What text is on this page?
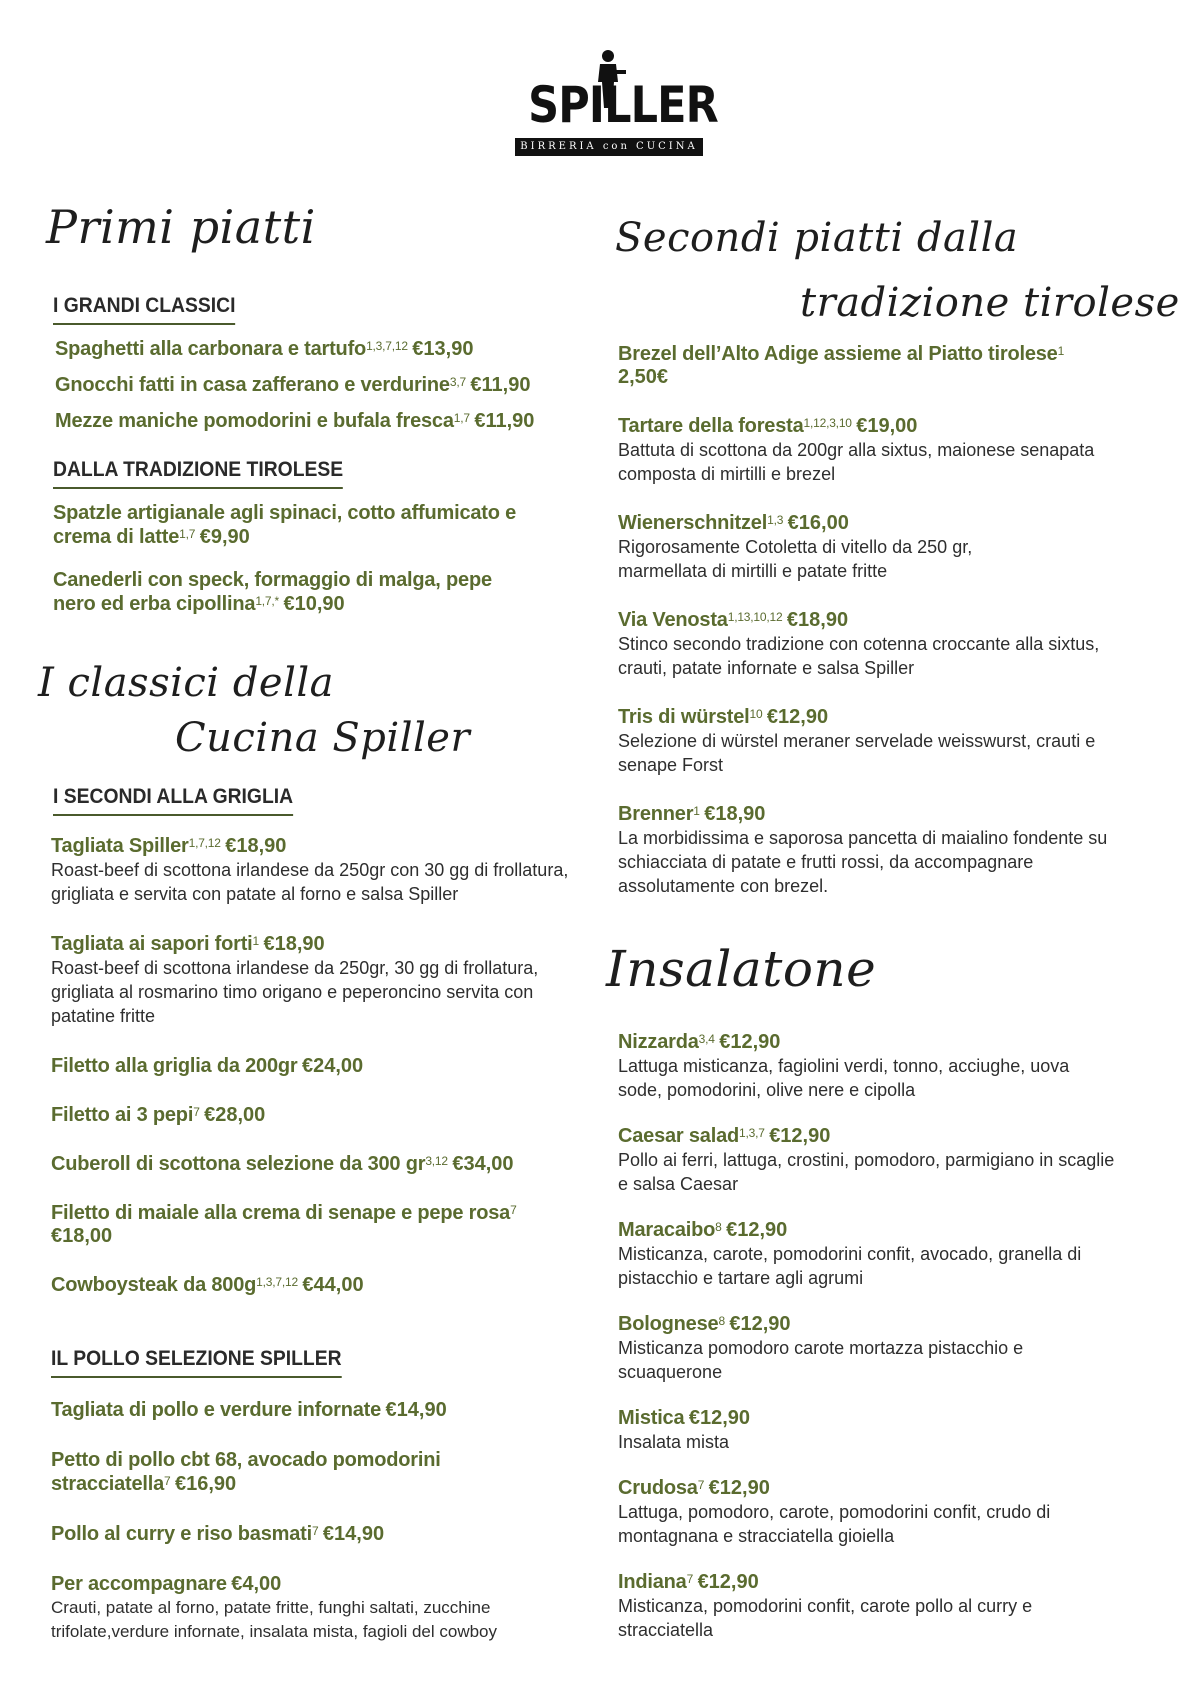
SPILLER
BIRRERIA con CUCINA
Primi piatti
I GRANDI CLASSICI
Spaghetti alla carbonara e tartufo$^{1,3,7,12}$ €13,90
Gnocchi fatti in casa zafferano e verdurine$^{3,7}$ €11,90
Mezze maniche pomodorini e bufala fresca$^{1,7}$ €11,90
DALLA TRADIZIONE TIROLESE
Spatzle artigianale agli spinaci, cotto affumicato e crema di latte$^{1,7}$ €9,90
Canederli con speck, formaggio di malga, pepe nero ed erba cipollina$^{1,7,*}$ €10,90
I classici della
Cucina Spiller
I SECONDI ALLA GRIGLIA
Tagliata Spiller$^{1,7,12}$ €18,90
Roast-beef di scottona irlandese da 250gr con 30 gg di frollatura, grigliata e servita con patate al forno e salsa Spiller
Tagliata ai sapori forti$^1$ €18,90
Roast-beef di scottona irlandese da 250gr, 30 gg di frollatura, grigliata al rosmarino timo origano e peperoncino servita con patatine fritte
Filetto alla griglia da 200gr €24,00
Filetto ai 3 pepi$^7$ €28,00
Cuberoll di scottona selezione da 300 gr$^{3,12}$ €34,00
Filetto di maiale alla crema di senape e pepe rosa$^7$ €18,00
Cowboysteak da $800g^{1,3,7,12}$ €44,00
IL POLLO SELEZIONE SPILLER
Tagliata di pollo e verdure infornate €14,90
Petto di pollo cbt 68, avocado pomodorini stracciatella$^7$ €16,90
Pollo al curry e riso basmati$^7$ €14,90
Per accompagnare €4,00
Crauti, patate al forno, patate fritte, funghi saltati, zucchine trifolate,verdure infornate, insalata mista, fagioli del cowboy
Secondi piatti dalla
tradizione tirolese
Brezel dell’Alto Adige assieme al Piatto tirolese$^1$
2,50€
Tartare della foresta$^{1,12,3,10}$ €19,00
Battuta di scottona da 200gr alla sixtus, maionese senapata composta di mirtilli e brezel
Wienerschnitzel$^{1,3}$ €16,00
Rigorosamente Cotoletta di vitello da 250 gr, marmellata di mirtilli e patate fritte
Via Venosta$^{1,13,10,12}$ €18,90
Stinco secondo tradizione con cotenna croccante alla sixtus, crauti, patate infornate e salsa Spiller
Tris di würstel$^{10}$ €12,90
Selezione di würstel meraner servelade weisswurst, crauti e senape Forst
Brenner$^1$ €18,90
La morbidissima e saporosa pancetta di maialino fondente su schiacciata di patate e frutti rossi, da accompagnare assolutamente con brezel.
Insalatone
Nizzarda$^{3,4}$ €12,90
Lattuga misticanza, fagiolini verdi, tonno, acciughe, uova sode, pomodorini, olive nere e cipolla
Caesar salad$^{1,3,7}$ €12,90
Pollo ai ferri, lattuga, crostini, pomodoro, parmigiano in scaglie e salsa Caesar
Maracaibo$^8$ €12,90
Misticanza, carote, pomodorini confit, avocado, granella di pistacchio e tartare agli agrumi
Bolognese$^8$ €12,90
Misticanza pomodoro carote mortazza pistacchio e scuaquerone
Mistica €12,90
Insalata mista
Crudosa$^7$ €12,90
Lattuga, pomodoro, carote, pomodorini confit, crudo di montagnana e stracciatella gioiella
Indiana$^7$ €12,90
Misticanza, pomodorini confit, carote pollo al curry e stracciatella
